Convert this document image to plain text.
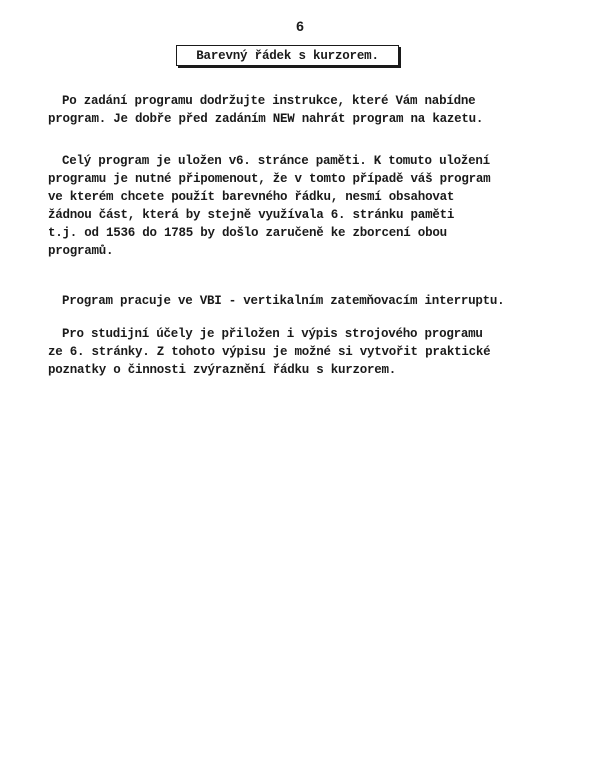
6
Barevný řádek s kurzorem.

Po zadání programu dodržujte instrukce, které Vám nabídne
program. Je dobře před zadáním NEW nahrát program na kazetu.

Celý program je uložen v6. stránce paměti. K tomuto uložení
programu je nutné připomenout, že v tomto případě váš program
ve kterém chcete použít barevného řádku, nesmí obsahovat
žádnou část, která by stejně využívala 6. stránku paměti
t.j. od 1536 do 1785 by došlo zaručeně ke zborcení obou
programů.

Program pracuje ve VBI - vertikalním zatemňovacím interruptu.

Pro studijní účely je přiložen i výpis strojového programu
ze 6. stránky. Z tohoto výpisu je možné si vytvořit praktické
poznatky o činnosti zvýraznění řádku s kurzorem.
